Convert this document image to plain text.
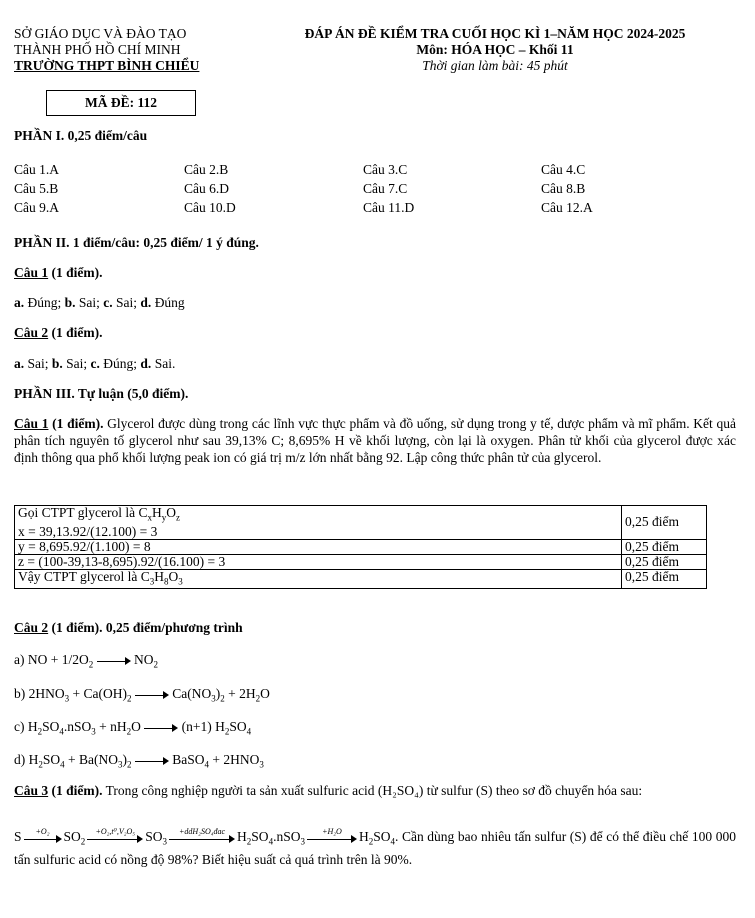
SỞ GIÁO DỤC VÀ ĐÀO TẠO
THÀNH PHỐ HỒ CHÍ MINH
TRƯỜNG THPT BÌNH CHIỂU
ĐÁP ÁN ĐỀ KIỂM TRA CUỐI HỌC KÌ 1–NĂM HỌC 2024-2025
Môn: HÓA HỌC – Khối 11
Thời gian làm bài: 45 phút
MÃ ĐỀ: 112
PHẦN I. 0,25 điểm/câu
Câu 1.A	Câu 2.B	Câu 3.C	Câu 4.C
Câu 5.B	Câu 6.D	Câu 7.C	Câu 8.B
Câu 9.A	Câu 10.D	Câu 11.D	Câu 12.A
PHẦN II. 1 điểm/câu: 0,25 điểm/ 1 ý đúng.
Câu 1 (1 điểm).
a. Đúng; b. Sai; c. Sai; d. Đúng
Câu 2 (1 điểm).
a. Sai; b. Sai; c. Đúng; d. Sai.
PHẦN III. Tự luận (5,0 điểm).
Câu 1 (1 điểm). Glycerol được dùng trong các lĩnh vực thực phẩm và đồ uống, sử dụng trong y tế, dược phẩm và mĩ phẩm. Kết quả phân tích nguyên tố glycerol như sau 39,13% C; 8,695% H về khối lượng, còn lại là oxygen. Phân tử khối của glycerol được xác định thông qua phổ khối lượng peak ion có giá trị m/z lớn nhất bằng 92. Lập công thức phân tử của glycerol.
Gọi CTPT glycerol là $C_xH_yO_z$
x = 39,13.92/(12.100) = 3	0,25 điểm
y = 8,695.92/(1.100) = 8	0,25 điểm
z = (100-39,13-8,695).92/(16.100) = 3	0,25 điểm
Vậy CTPT glycerol là $C_3H_8O_3$	0,25 điểm
Câu 2 (1 điểm). 0,25 điểm/phương trình
a) NO + $1/2O_2$	$NO_2$
b) $2HNO_3 + Ca(OH)_2$	$Ca(NO_3)_2 + 2H_2O$
c) $H_2SO_4.nSO_3 + nH_2O$	(n+1) $H_2SO_4$
d) $H_2SO_4 + Ba(NO_3)_2$	BaSO$_4$ + $2HNO_3$
Câu 3 (1 điểm). Trong công nghiệp người ta sản xuất sulfuric acid (H₂SO₄) từ sulfur (S) theo sơ đồ chuyển hóa sau:
S	+O₂	$SO_2$
+O₂,t⁰,V₂O₅ $SO_3$
+ddH₂SO₄đac $H_2SO_4.nSO_3$
+H₂O	$H_2SO_4$. Cần dùng bao nhiêu tấn sulfur (S) để có thể điều chế 100 000 tấn sulfuric acid có nồng độ 98%? Biết hiệu suất cả quá trình trên là 90%.
